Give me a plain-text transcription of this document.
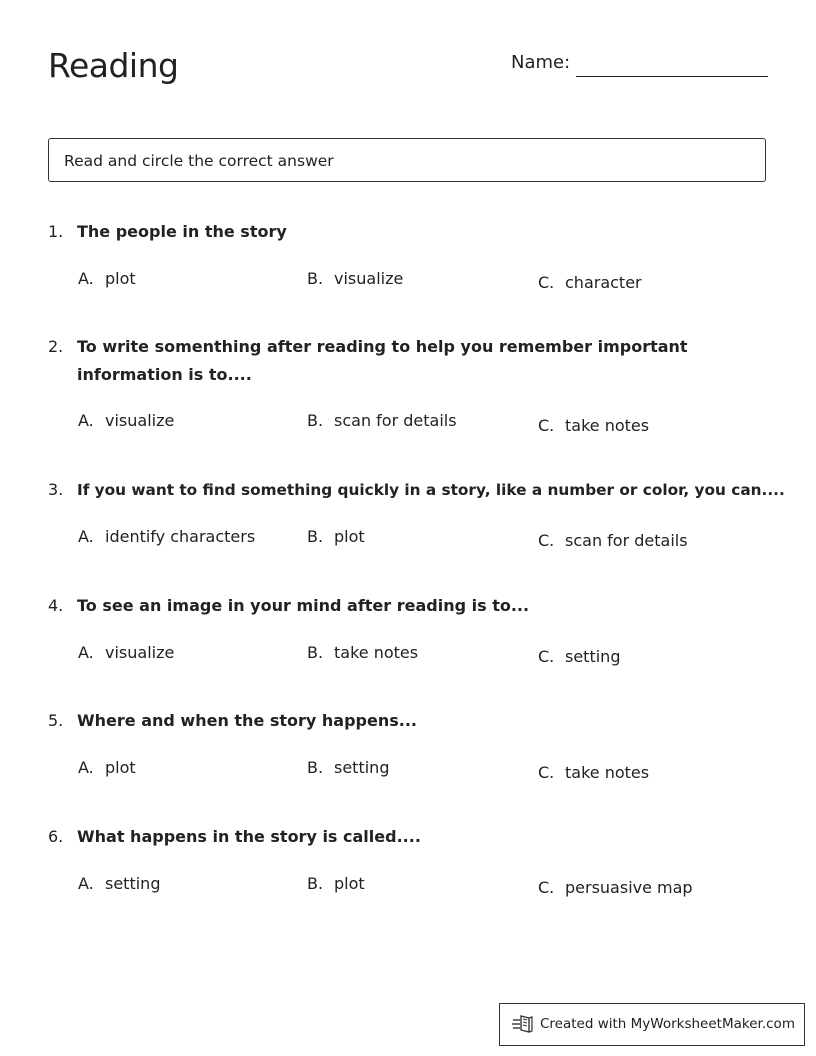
Reading	Name:
Read and circle the correct answer
1. The people in the story
A. plot	B. visualize	C. character
2. To write somenthing after reading to help you remember important information is to....
A. visualize	B. scan for details	C. take notes
3. If you want to find something quickly in a story, like a number or color, you can....
A. identify characters	B. plot	C. scan for details
4. To see an image in your mind after reading is to...
A. visualize	B. take notes	C. setting
5. Where and when the story happens...
A. plot	B. setting	C. take notes
6. What happens in the story is called....
A. setting	B. plot	C. persuasive map
Created with MyWorksheetMaker.com
